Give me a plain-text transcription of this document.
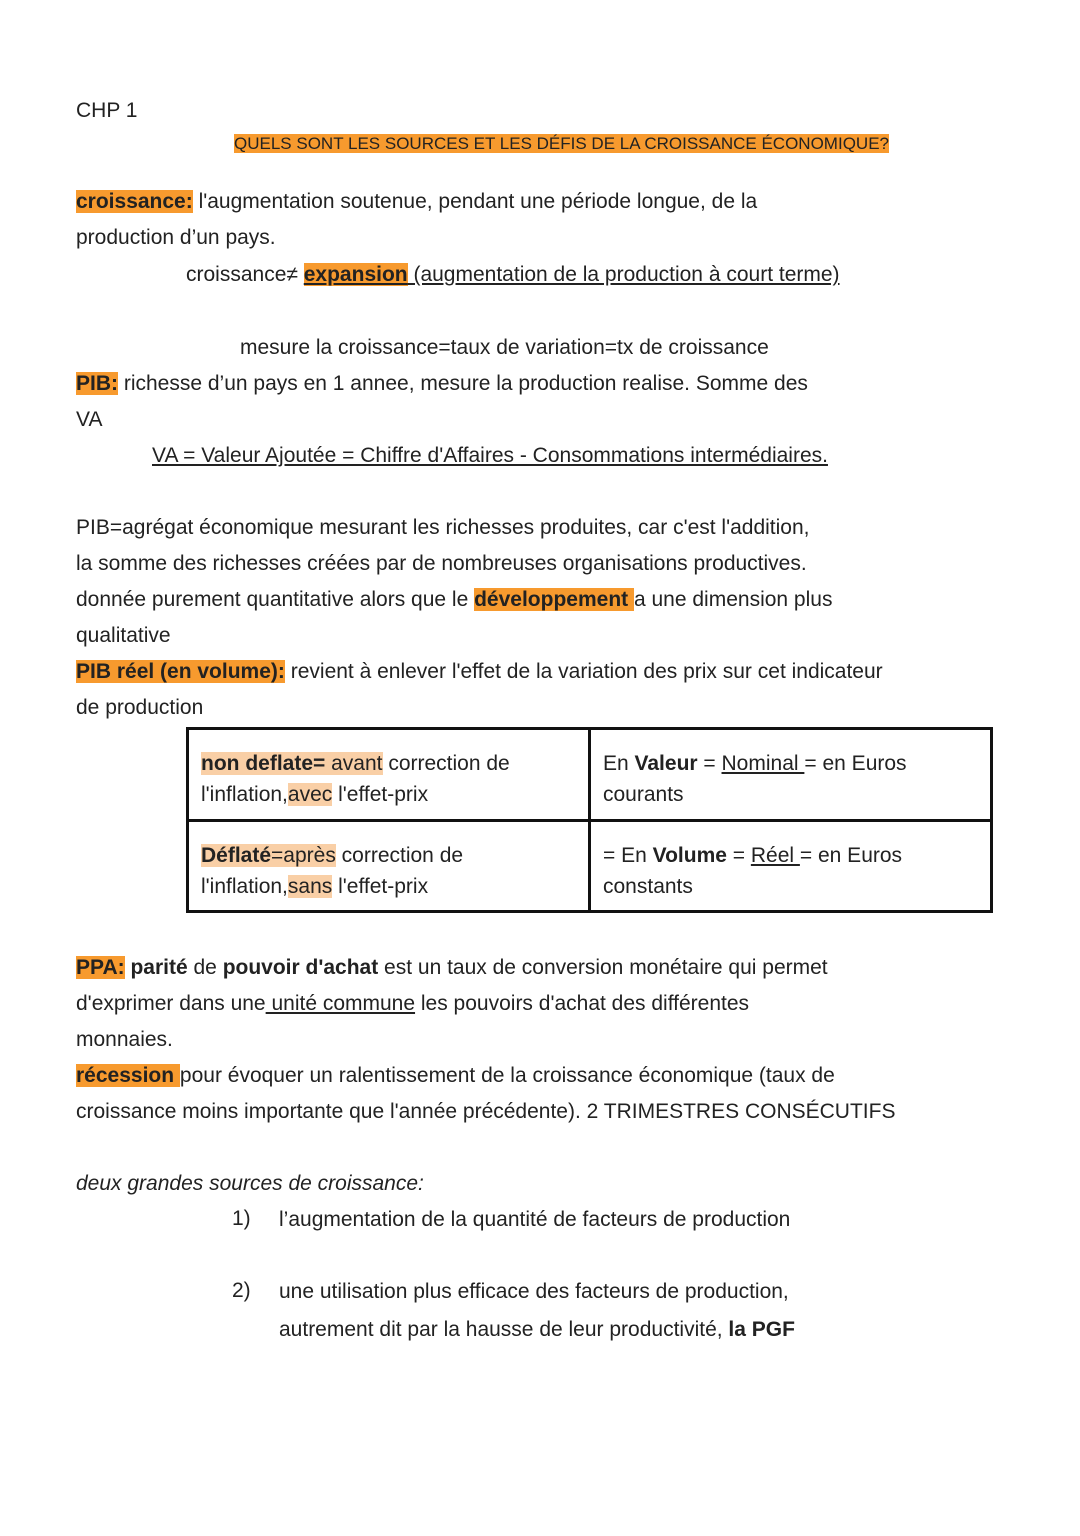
CHP 1
QUELS SONT LES SOURCES ET LES DÉFIS DE LA CROISSANCE ÉCONOMIQUE?
croissance: l'augmentation soutenue, pendant une période longue, de la
production d’un pays.
croissance≠ expansion (augmentation de la production à court terme)
mesure la croissance=taux de variation=tx de croissance
PIB: richesse d’un pays en 1 annee, mesure la production realise. Somme des
VA
VA = Valeur Ajoutée = Chiffre d'Affaires - Consommations intermédiaires.
PIB=agrégat économique mesurant les richesses produites, car c'est l'addition,
la somme des richesses créées par de nombreuses organisations productives.
donnée purement quantitative alors que le développement a une dimension plus
qualitative
PIB réel (en volume): revient à enlever l'effet de la variation des prix sur cet indicateur
de production
non deflate= avant correction de
l'inflation,avec l'effet-prix	En Valeur = Nominal = en Euros
courants
Déflaté=après correction de
l'inflation,sans l'effet-prix	= En Volume = Réel = en Euros
constants
PPA: parité de pouvoir d'achat est un taux de conversion monétaire qui permet
d'exprimer dans une unité commune les pouvoirs d'achat des différentes
monnaies.
récession pour évoquer un ralentissement de la croissance économique (taux de
croissance moins importante que l'année précédente). 2 TRIMESTRES CONSÉCUTIFS
deux grandes sources de croissance:
1) l’augmentation de la quantité de facteurs de production
2) une utilisation plus efficace des facteurs de production,
autrement dit par la hausse de leur productivité, la PGF
